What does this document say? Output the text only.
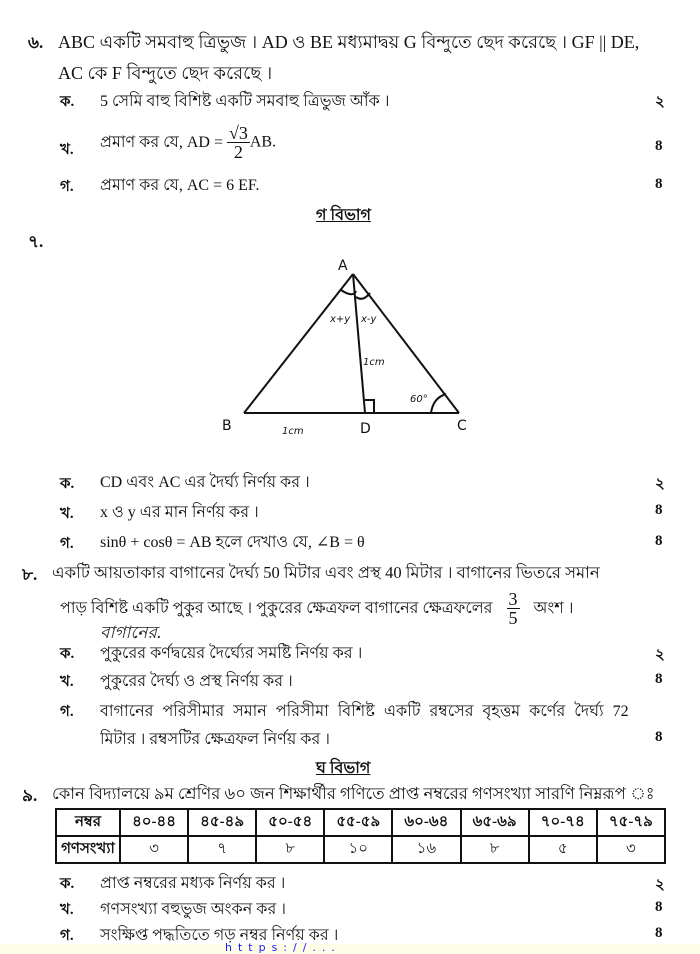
৬. ABC একটি সমবাহু ত্রিভুজ । AD ও BE মধ্যমাদ্বয় G বিন্দুতে ছেদ করেছে । GF || DE,
AC কে F বিন্দুতে ছেদ করেছে ।
ক. 5 সেমি বাহু বিশিষ্ট একটি সমবাহু ত্রিভুজ আঁক ।	২
খ. প্রমাণ কর যে, AD = $\frac{√3}{2}$ AB.	8
গ. প্রমাণ কর যে, AC = 6 EF.	8
গ বিভাগ
৭.
A
B	C
D
x+y x-y
1cm
1cm
60°
ক. CD এবং AC এর দৈর্ঘ্য নির্ণয় কর ।	২
খ. x ও y এর মান নির্ণয় কর ।	8
গ. sinθ + cosθ = AB হলে দেখাও যে, ∠B = θ	8
৮. একটি আয়তাকার বাগানের দৈর্ঘ্য 50 মিটার এবং প্রস্থ 40 মিটার । বাগানের ভিতরে সমান
পাড় বিশিষ্ট একটি পুকুর আছে । পুকুরের ক্ষেত্রফল বাগানের ক্ষেত্রফলের $\frac{3}{5}$ অংশ ।
বাগানের.
ক. পুকুরের কর্ণদ্বয়ের দৈর্ঘ্যের সমষ্টি নির্ণয় কর ।	২
খ. পুকুরের দৈর্ঘ্য ও প্রস্থ নির্ণয় কর ।	8
গ. বাগানের পরিসীমার সমান পরিসীমা বিশিষ্ট একটি রম্বসের বৃহত্তম কর্ণের দৈর্ঘ্য 72
মিটার । রম্বসটির ক্ষেত্রফল নির্ণয় কর ।	8
ঘ বিভাগ
৯. কোন বিদ্যালয়ে ৯ম শ্রেণির ৬০ জন শিক্ষার্থীর গণিতে প্রাপ্ত নম্বরের গণসংখ্যা সারণি নিম্নরূপ ঃ
নম্বর	৪০-৪৪	৪৫-৪৯	৫০-৫৪	৫৫-৫৯	৬০-৬৪	৬৫-৬৯	৭০-৭৪	৭৫-৭৯
গণসংখ্যা	৩	৭	৮	১০	১৬	৮	৫	৩
ক. প্রাপ্ত নম্বরের মধ্যক নির্ণয় কর ।	২
খ. গণসংখ্যা বহুভুজ অংকন কর ।	8
গ. সংক্ষিপ্ত পদ্ধতিতে গড় নম্বর নির্ণয় কর ।	8
https://...
